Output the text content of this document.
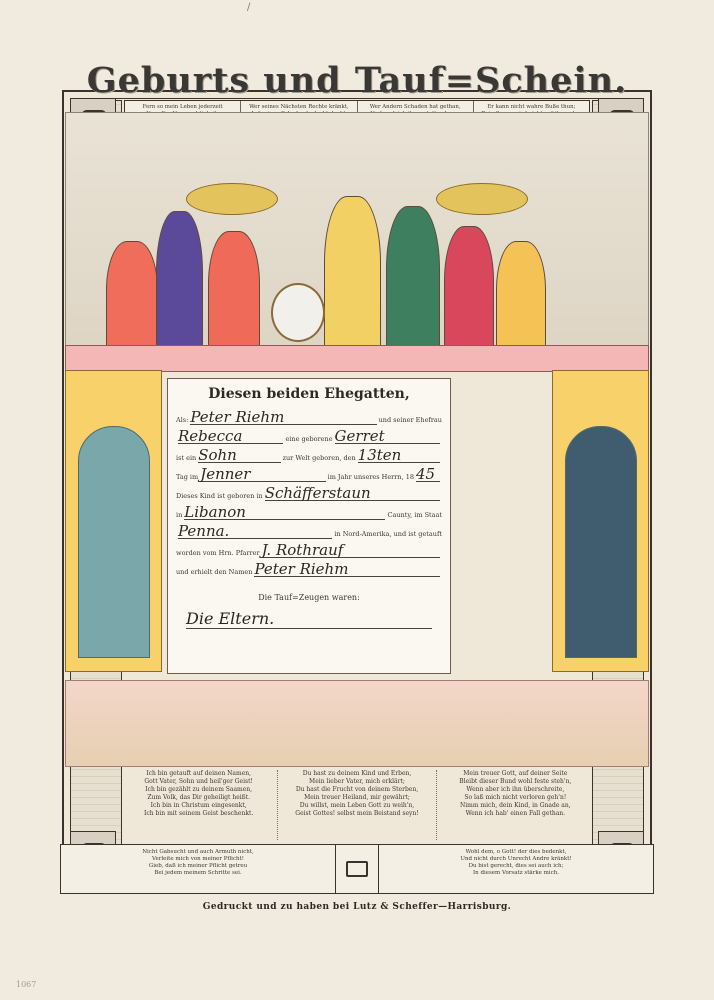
/
Fern so mein Leben jederzeit	Wer seines Nächsten Rechte kränkt,	Wer Andern Schaden hat gethan,	Er kann nicht wahre Buße thun;

Geburts und Tauf=Schein.
Diesen beiden Ehegatten,
Als: Peter Riehm	und seiner Ehefrau
Rebecca	eine geborene Gerret
ist ein Sohn	zur Welt geboren, den 13ten
Tag im Jenner	im Jahr unseres Herrn, 18 45
Dieses Kind ist geboren in Schäfferstaun
in Libanon	Caunty, im Staat
Penna.	in Nord-Amerika, und ist getauft
worden vom Hrn. Pfarrer J. Rothrauf
und erhielt den Namen Peter Riehm
Die Tauf=Zeugen waren:
Die Eltern.
Ich bin getauft auf deinen Namen,
Gott Vater, Sohn und heil'ger Geist!
Ich bin gezählt zu deinem Saamen,
Zum Volk, das Dir geheiligt heißt.
Ich bin in Christum eingesenkt,
Ich bin mit seinem Geist beschenkt.
Du hast zu deinem Kind und Erben,
Mein lieber Vater, mich erklärt;
Du hast die Frucht von deinem Sterben,
Mein treuer Heiland, mir gewährt;
Du willst, mein Leben Gott zu weih'n,
Geist Gottes! selbst mein Beistand seyn!
Mein treuer Gott, auf deiner Seite
Bleibt dieser Bund wohl feste steh'n,
Wenn aber ich ihn überschreite,
So laß mich nicht verloren geh'n!
Nimm mich, dein Kind, in Gnade an,
Wenn ich hab' einen Fall gethan.
Nicht Gabsucht und auch Armuth nicht,
Verleite mich von meiner Pflicht!
Gieb, daß ich meiner Pflicht getreu
Bei jedem meinem Schritte sei.
Wohl dem, o Gott! der dies bedenkt,
Und nicht durch Unrecht Andre kränkt!
Du bist gerecht, dies sei auch ich;
In diesem Vorsatz stärke mich.
Gedruckt und zu haben bei Lutz & Scheffer—Harrisburg.
1067
